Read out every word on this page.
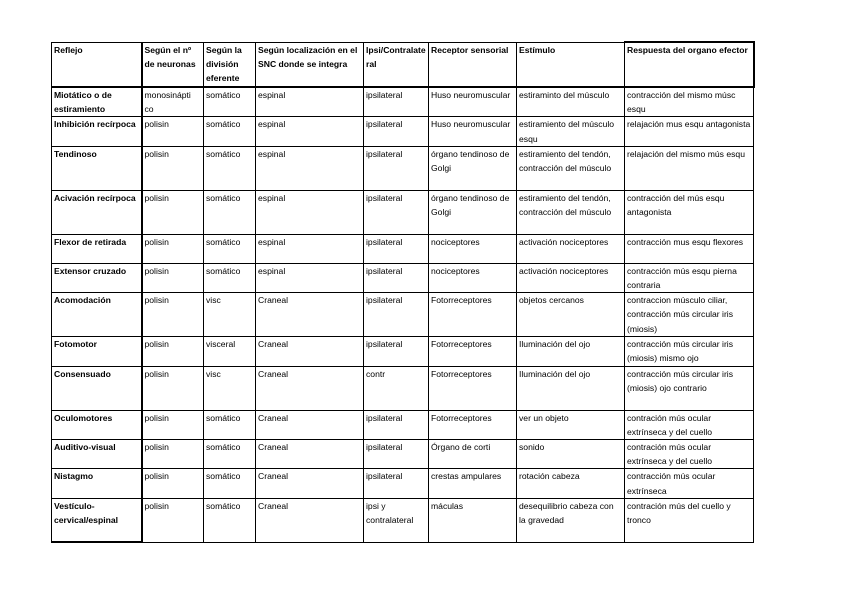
Reflejo	Según el nº de neuronas	Según la división eferente	Según localización en el SNC donde se integra	Ipsi/Contralateral	Receptor sensorial	Estímulo	Respuesta del organo efector
Miotático o de estiramiento	monosinápti co	somático	espinal	ipsilateral	Huso neuromuscular	estiraminto del músculo	contracción del mismo músc esqu
Inhibición recírpoca	polisin	somático	espinal	ipsilateral	Huso neuromuscular	estiramiento del músculo esqu	relajación mus esqu antagonista
Tendinoso	polisin	somático	espinal	ipsilateral	órgano tendinoso de Golgi	estiramiento del tendón, contracción del músculo	relajación del mismo mús esqu
Acivación recírpoca	polisin	somático	espinal	ipsilateral	órgano tendinoso de Golgi	estiramiento del tendón, contracción del músculo	contracción del mús esqu antagonista
Flexor de retirada	polisin	somático	espinal	ipsilateral	nociceptores	activación nociceptores	contracción mus esqu flexores
Extensor cruzado	polisin	somático	espinal	ipsilateral	nociceptores	activación nociceptores	contracción mús esqu pierna contraria
Acomodación	polisin	visc	Craneal	ipsilateral	Fotorreceptores	objetos cercanos	contraccion músculo ciliar, contracción mús circular iris (miosis)
Fotomotor	polisin	visceral	Craneal	ipsilateral	Fotorreceptores	Iluminación del ojo	contracción mús circular iris (miosis) mismo ojo
Consensuado	polisin	visc	Craneal	contr	Fotorreceptores	Iluminación del ojo	contracción mús circular iris (miosis) ojo contrario
Oculomotores	polisin	somático	Craneal	ipsilateral	Fotorreceptores	ver un objeto	contración mús ocular extrínseca y del cuello
Auditivo-visual	polisin	somático	Craneal	ipsilateral	Órgano de corti	sonido	contración mús ocular extrínseca y del cuello
Nistagmo	polisin	somático	Craneal	ipsilateral	crestas ampulares	rotación cabeza	contracción mús ocular extrínseca
Vestículo-cervical/espinal	polisin	somático	Craneal	ipsi y contralateral	máculas	desequilibrio cabeza con la gravedad	contración mús del cuello y tronco
